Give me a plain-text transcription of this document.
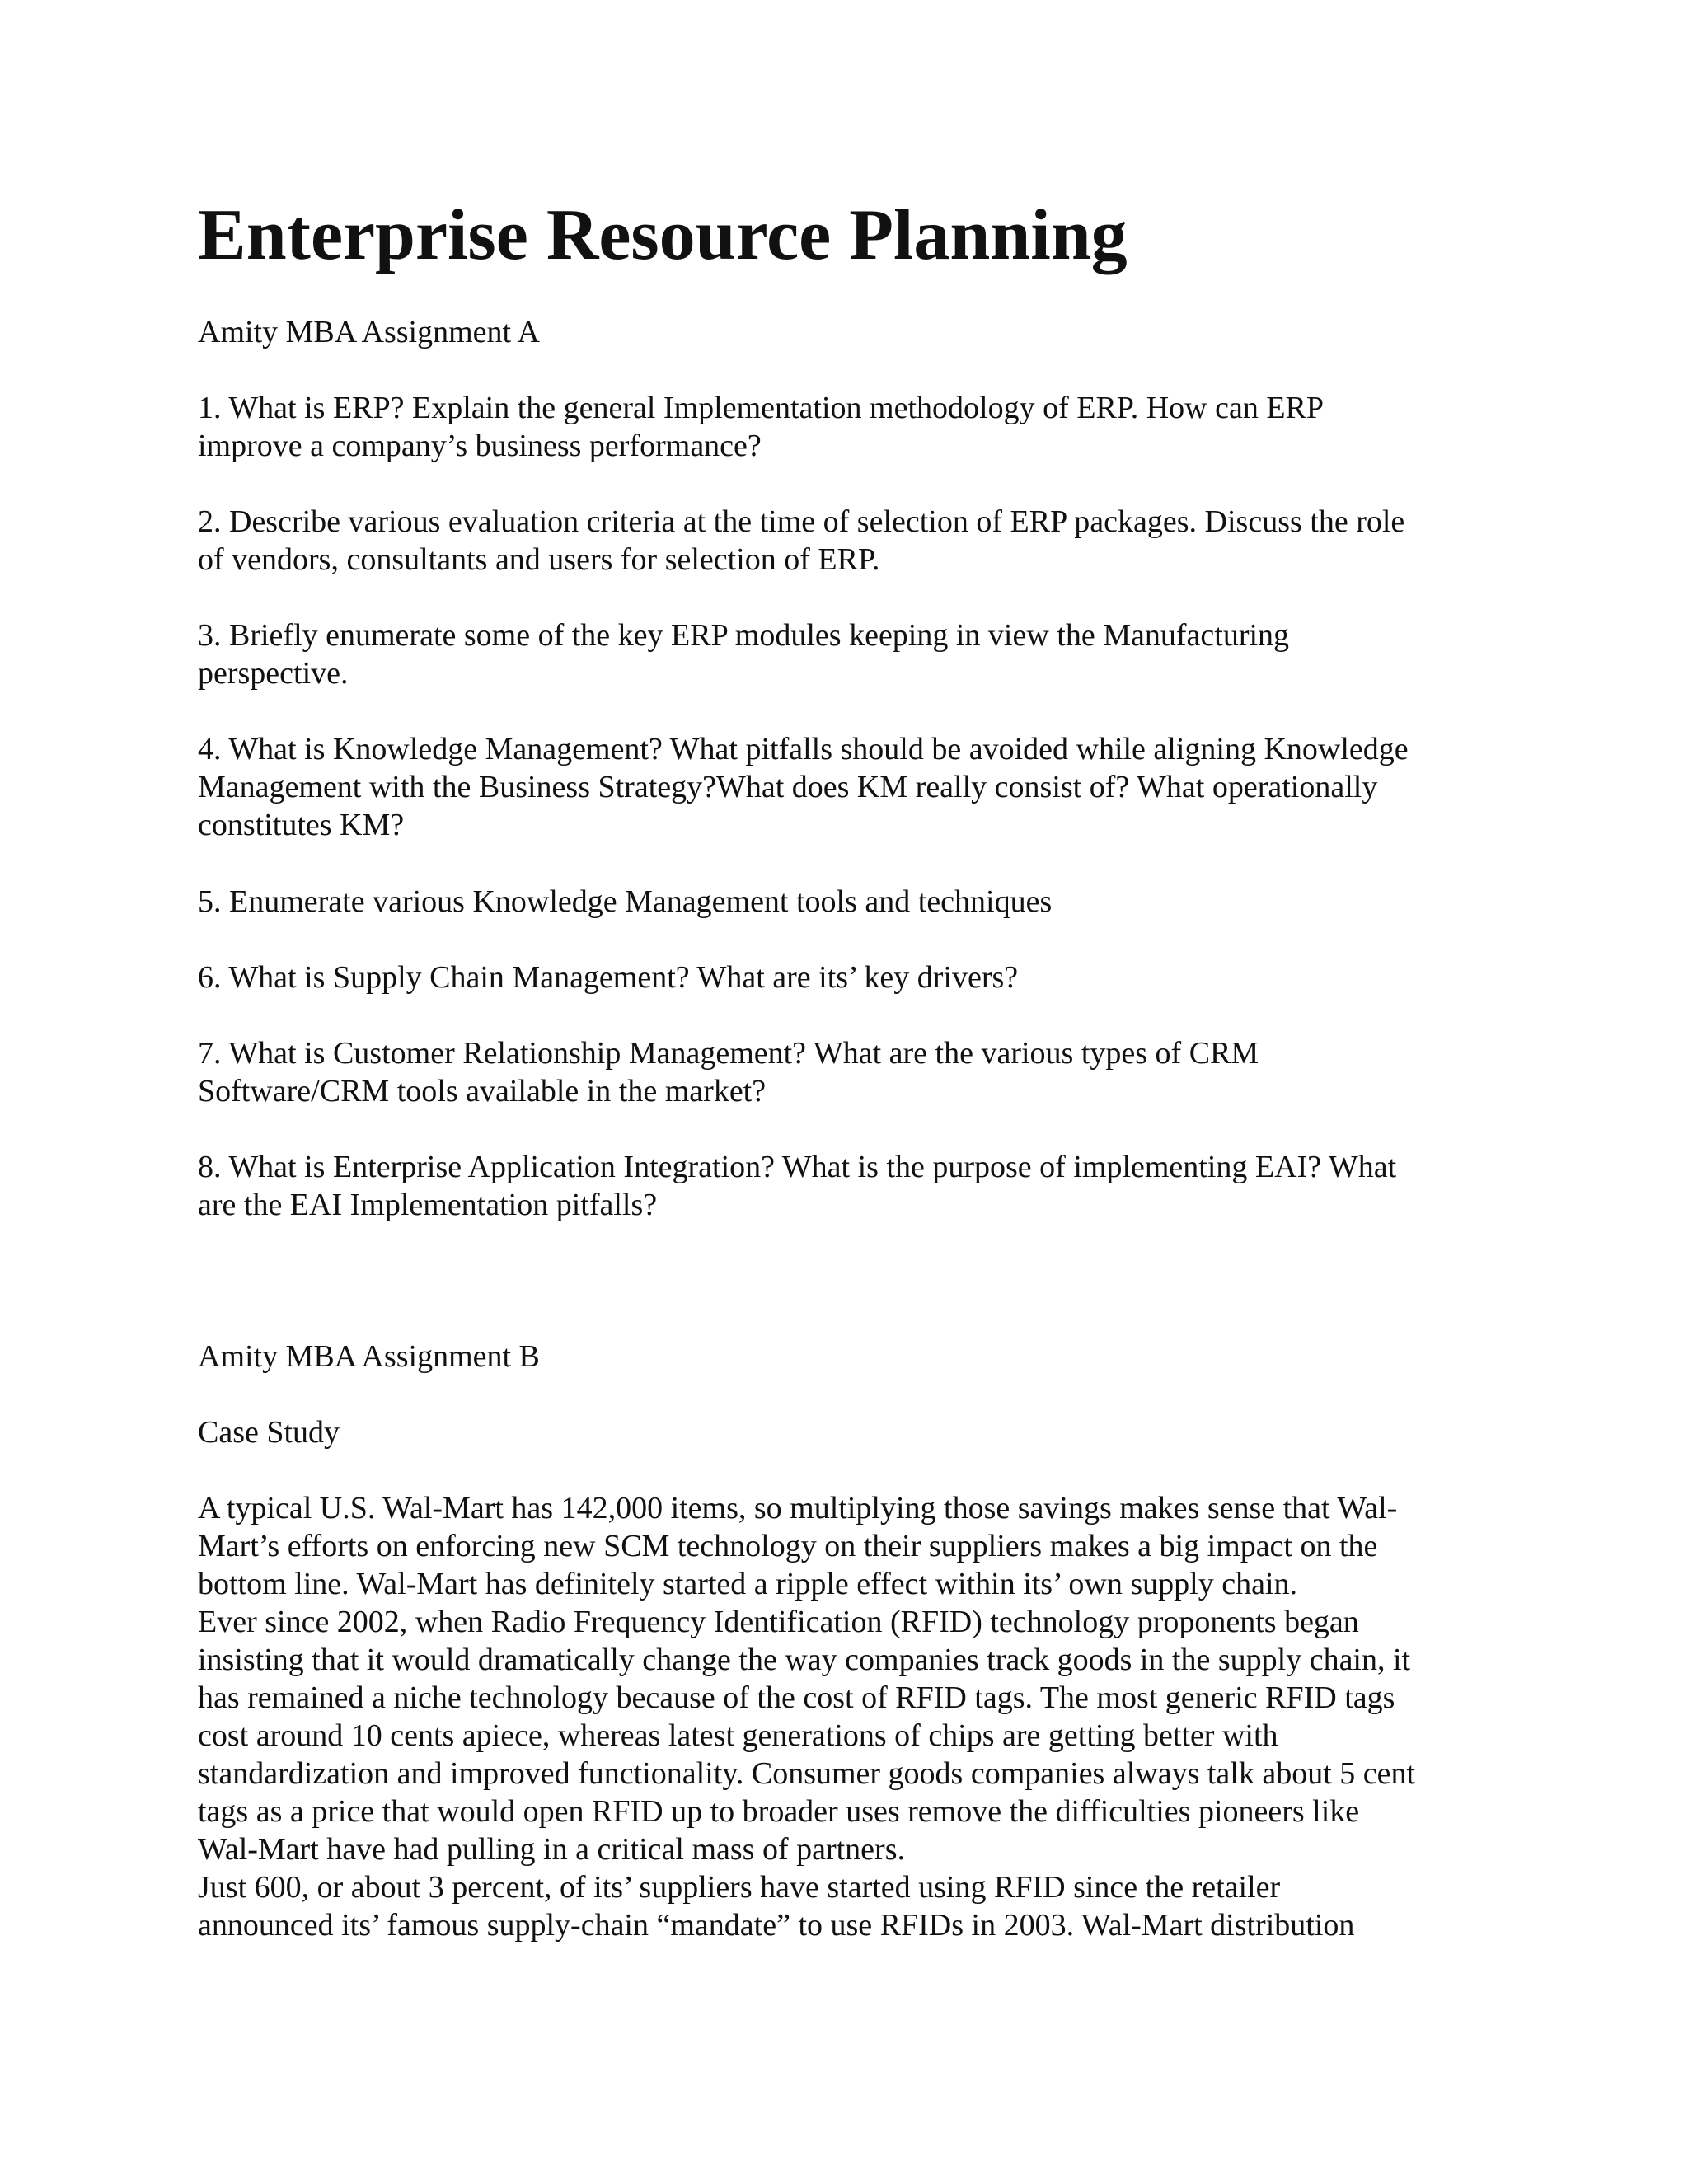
Enterprise Resource Planning

Amity MBA Assignment A

1. What is ERP? Explain the general Implementation methodology of ERP. How can ERP
improve a company’s business performance?

2. Describe various evaluation criteria at the time of selection of ERP packages. Discuss the role
of vendors, consultants and users for selection of ERP.

3. Briefly enumerate some of the key ERP modules keeping in view the Manufacturing
perspective.

4. What is Knowledge Management? What pitfalls should be avoided while aligning Knowledge
Management with the Business Strategy?What does KM really consist of? What operationally
constitutes KM?

5. Enumerate various Knowledge Management tools and techniques

6. What is Supply Chain Management? What are its’ key drivers?

7. What is Customer Relationship Management? What are the various types of CRM
Software/CRM tools available in the market?

8. What is Enterprise Application Integration? What is the purpose of implementing EAI? What
are the EAI Implementation pitfalls?

Amity MBA Assignment B

Case Study

A typical U.S. Wal-Mart has 142,000 items, so multiplying those savings makes sense that Wal-
Mart’s efforts on enforcing new SCM technology on their suppliers makes a big impact on the
bottom line. Wal-Mart has definitely started a ripple effect within its’ own supply chain.
Ever since 2002, when Radio Frequency Identification (RFID) technology proponents began
insisting that it would dramatically change the way companies track goods in the supply chain, it
has remained a niche technology because of the cost of RFID tags. The most generic RFID tags
cost around 10 cents apiece, whereas latest generations of chips are getting better with
standardization and improved functionality. Consumer goods companies always talk about 5 cent
tags as a price that would open RFID up to broader uses remove the difficulties pioneers like
Wal-Mart have had pulling in a critical mass of partners.
Just 600, or about 3 percent, of its’ suppliers have started using RFID since the retailer
announced its’ famous supply-chain “mandate” to use RFIDs in 2003. Wal-Mart distribution
